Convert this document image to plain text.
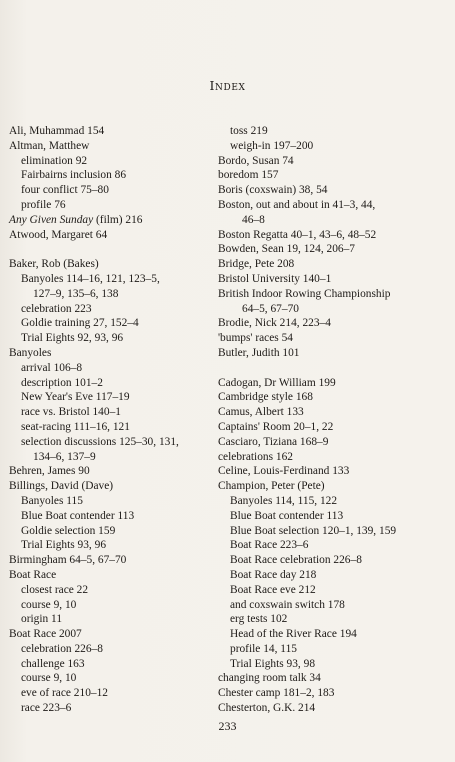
Index
Ali, Muhammad 154
Altman, Matthew
elimination 92
Fairbairns inclusion 86
four conflict 75–80
profile 76
Any Given Sunday (film) 216
Atwood, Margaret 64
Baker, Rob (Bakes)
Banyoles 114–16, 121, 123–5,
127–9, 135–6, 138
celebration 223
Goldie training 27, 152–4
Trial Eights 92, 93, 96
Banyoles
arrival 106–8
description 101–2
New Year's Eve 117–19
race vs. Bristol 140–1
seat-racing 111–16, 121
selection discussions 125–30, 131,
134–6, 137–9
Behren, James 90
Billings, David (Dave)
Banyoles 115
Blue Boat contender 113
Goldie selection 159
Trial Eights 93, 96
Birmingham 64–5, 67–70
Boat Race
closest race 22
course 9, 10
origin 11
Boat Race 2007
celebration 226–8
challenge 163
course 9, 10
eve of race 210–12
race 223–6
toss 219
weigh-in 197–200
Bordo, Susan 74
boredom 157
Boris (coxswain) 38, 54
Boston, out and about in 41–3, 44,
46–8
Boston Regatta 40–1, 43–6, 48–52
Bowden, Sean 19, 124, 206–7
Bridge, Pete 208
Bristol University 140–1
British Indoor Rowing Championship
64–5, 67–70
Brodie, Nick 214, 223–4
'bumps' races 54
Butler, Judith 101
Cadogan, Dr William 199
Cambridge style 168
Camus, Albert 133
Captains' Room 20–1, 22
Casciaro, Tiziana 168–9
celebrations 162
Celine, Louis-Ferdinand 133
Champion, Peter (Pete)
Banyoles 114, 115, 122
Blue Boat contender 113
Blue Boat selection 120–1, 139, 159
Boat Race 223–6
Boat Race celebration 226–8
Boat Race day 218
Boat Race eve 212
and coxswain switch 178
erg tests 102
Head of the River Race 194
profile 14, 115
Trial Eights 93, 98
changing room talk 34
Chester camp 181–2, 183
Chesterton, G.K. 214
233
